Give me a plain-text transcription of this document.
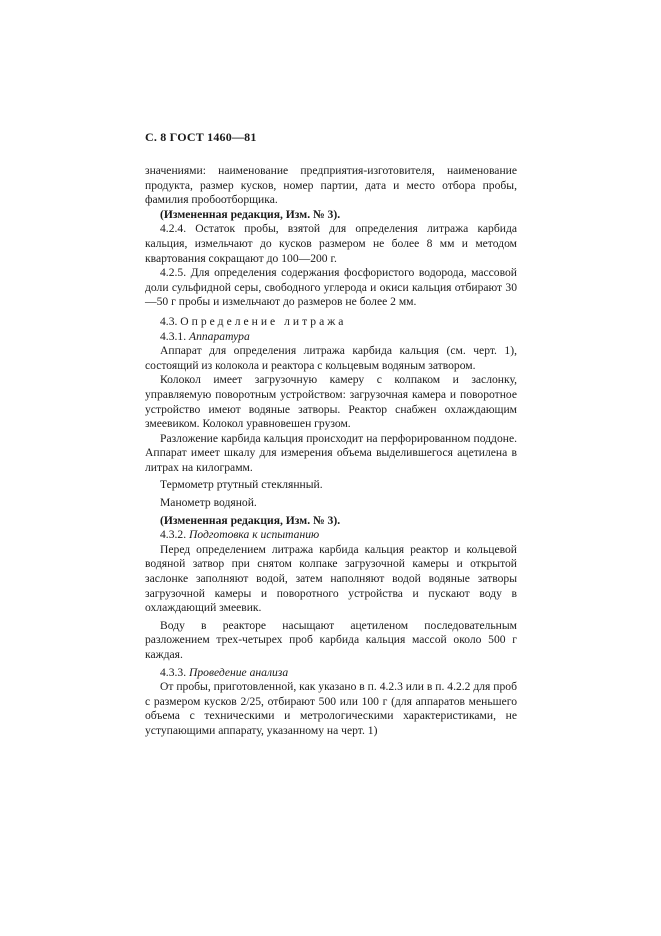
С. 8 ГОСТ 1460—81

значениями: наименование предприятия-изготовителя, наименование продукта, размер кусков, номер партии, дата и место отбора пробы, фамилия пробоотборщика.

(Измененная редакция, Изм. № 3).

4.2.4. Остаток пробы, взятой для определения литража карбида кальция, измельчают до кусков размером не более 8 мм и методом квартования сокращают до 100—200 г.

4.2.5. Для определения содержания фосфористого водорода, массовой доли сульфидной серы, свободного углерода и окиси кальция отбирают 30—50 г пробы и измельчают до размеров не более 2 мм.

4.3. Определение литража

4.3.1. Аппаратура

Аппарат для определения литража карбида кальция (см. черт. 1), состоящий из колокола и реактора с кольцевым водяным затвором.

Колокол имеет загрузочную камеру с колпаком и заслонку, управляемую поворотным устройством: загрузочная камера и поворотное устройство имеют водяные затворы. Реактор снабжен охлаждающим змеевиком. Колокол уравновешен грузом.

Разложение карбида кальция происходит на перфорированном поддоне. Аппарат имеет шкалу для измерения объема выделившегося ацетилена в литрах на килограмм.

Термометр ртутный стеклянный.

Манометр водяной.

(Измененная редакция, Изм. № 3).

4.3.2. Подготовка к испытанию

Перед определением литража карбида кальция реактор и кольцевой водяной затвор при снятом колпаке загрузочной камеры и открытой заслонке заполняют водой, затем наполняют водой водяные затворы загрузочной камеры и поворотного устройства и пускают воду в охлаждающий змеевик.

Воду в реакторе насыщают ацетиленом последовательным разложением трех-четырех проб карбида кальция массой около 500 г каждая.

4.3.3. Проведение анализа

От пробы, приготовленной, как указано в п. 4.2.3 или в п. 4.2.2 для проб с размером кусков 2/25, отбирают 500 или 100 г (для аппаратов меньшего объема с техническими и метрологическими характеристиками, не уступающими аппарату, указанному на черт. 1)
